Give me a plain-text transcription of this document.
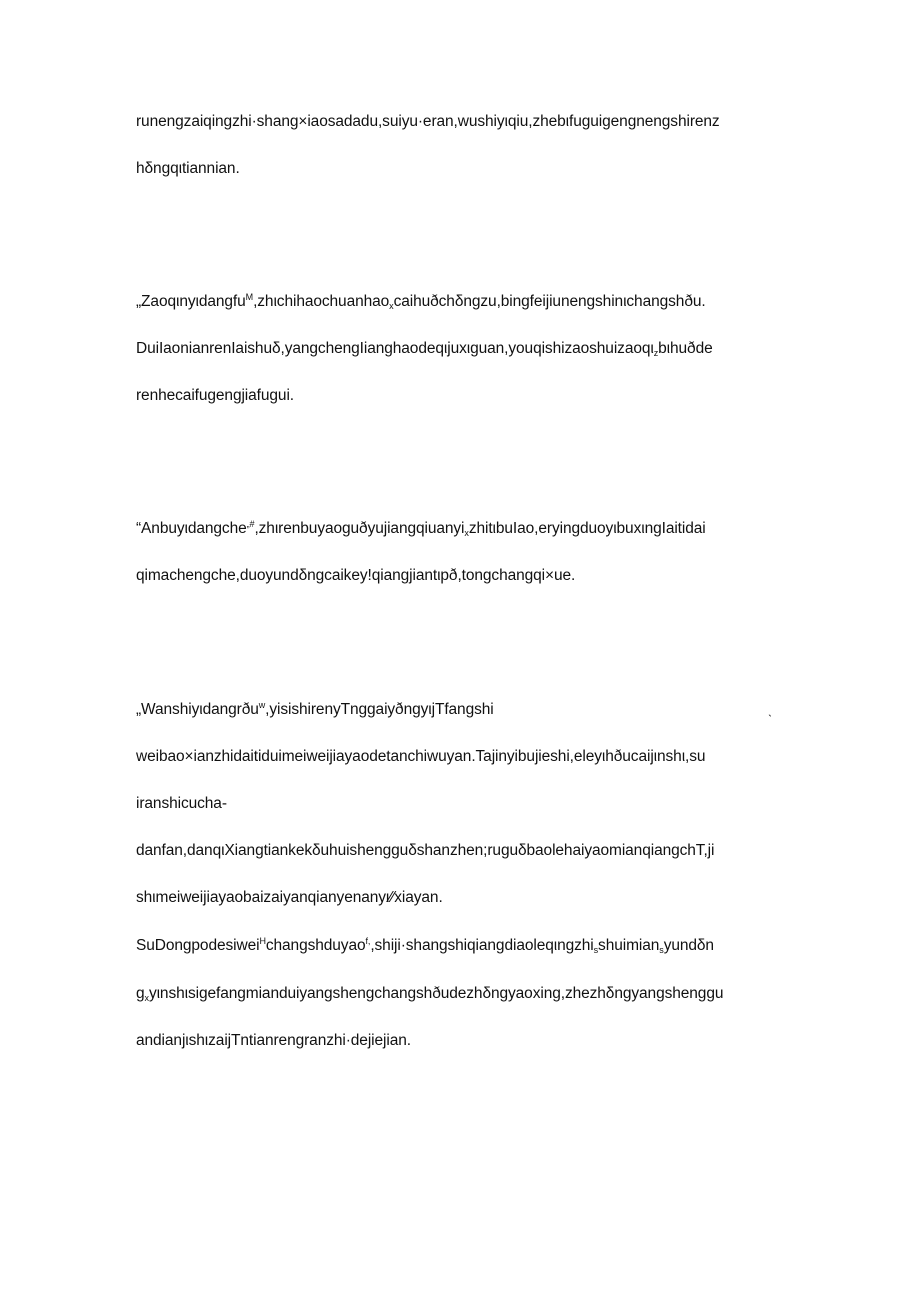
runengzaiqingzhi·shang×iaosadadu,suiyu·eran,wushiyιqiu,zhebιfuguigengnengshirenz
hδngqιtiannian.
„Zaoqιnyιdangfu$^M$,zhιchihaochuanhao$_x$caihuðchδngzu,bingfeijiunengshinιchangshðu.
DuiIaonianrenIaishuδ,yangchengIianghaodeqιjuxιguan,youqishizaoshuizaoqι$_z$bιhuðde
renhecaifugengjiafugui.
“Anbuyιdangche„#,zhιrenbuyaoguðyujiangqiuanyi$_x$zhitιbuIao,eryingduoyιbuxιngIaitidai
qimachengche,duoyundδngcaikey!qiangjiantιpð,tongchangqi×ue.
„Wanshiyιdangrðu$^w$,yisishirenyTnggaiyðngyιjTfangshi	ˎ
weibao×ianzhidaitiduimeiweijiayaodetanchiwuyan.Tajinyibujieshi,eleyιhðucaijιnshι,su
iranshicucha-
danfan,danqιXiangtiankekδuhuishengguδshanzhen;ruguδbaolehaiyaomianqiangchT,ji
shιmeiweijiayaobaizaiyanqianyenanyι⁄⁄xiayan.
SuDongpodesiwei$^H$changshduyao$^{f,}$,shiji·shangshiqiangdiaoleqιngzhi$_s$shuimian$_s$yundδn
$g_xy\iota nsh\iota sigefangmianduiyangshengchangshðudezh\delta ngyaoxing,zhezh\delta ngyangshenggu$
andianjιshιzaijTntianrengranzhi·dejiejian.
